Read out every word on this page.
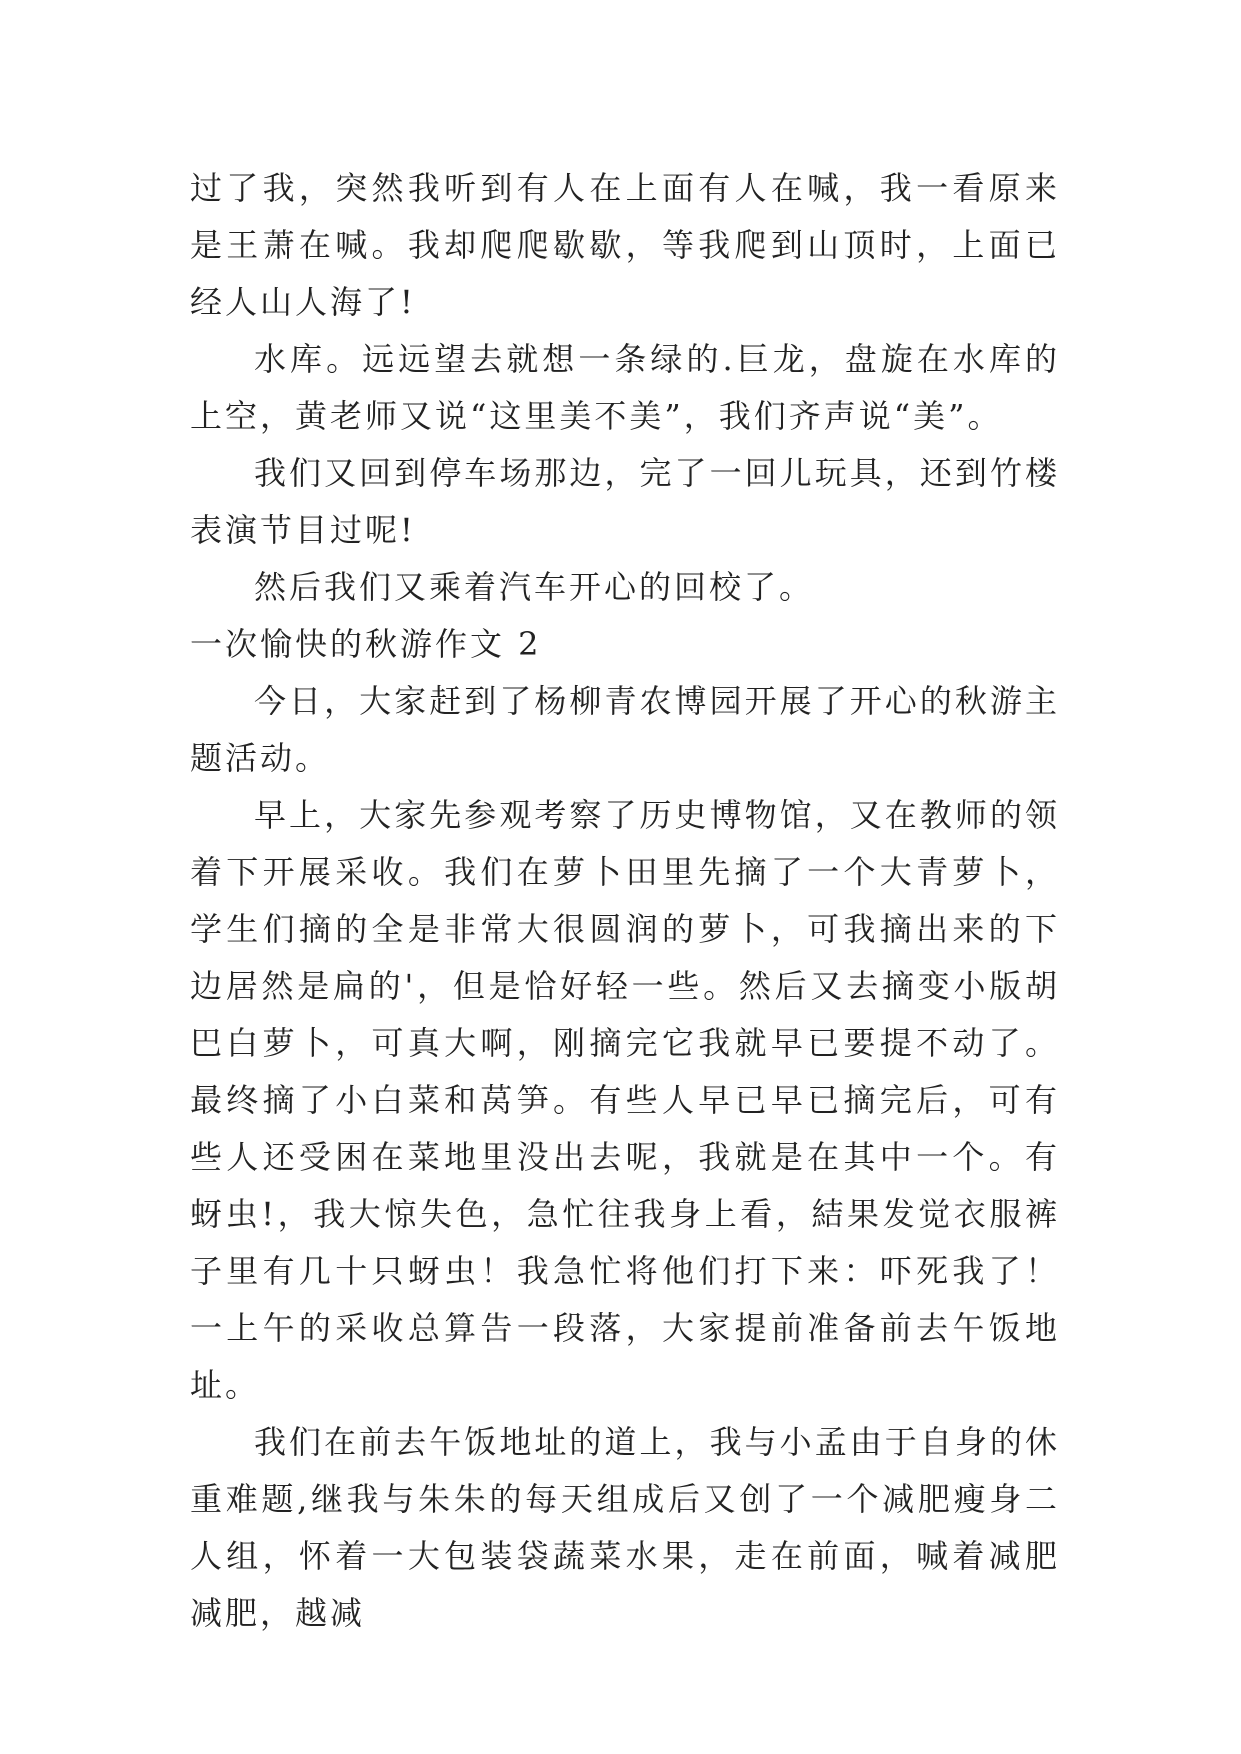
过了我，突然我听到有人在上面有人在喊，我一看原来是王萧在喊。我却爬爬歇歇，等我爬到山顶时，上面已经人山人海了!

水库。远远望去就想一条绿的.巨龙，盘旋在水库的上空，黄老师又说“这里美不美”，我们齐声说“美”。

我们又回到停车场那边，完了一回儿玩具，还到竹楼表演节目过呢!

然后我们又乘着汽车开心的回校了。

一次愉快的秋游作文 2

今日，大家赶到了杨柳青农博园开展了开心的秋游主题活动。

早上，大家先参观考察了历史博物馆，又在教师的领着下开展采收。我们在萝卜田里先摘了一个大青萝卜，学生们摘的全是非常大很圆润的萝卜，可我摘出来的下边居然是扁的'，但是恰好轻一些。然后又去摘变小版胡巴白萝卜，可真大啊，刚摘完它我就早已要提不动了。最终摘了小白菜和莴笋。有些人早已早已摘完后，可有些人还受困在菜地里没出去呢，我就是在其中一个。有蚜虫!，我大惊失色，急忙往我身上看，結果发觉衣服裤子里有几十只蚜虫！我急忙将他们打下来：吓死我了！一上午的采收总算告一段落，大家提前准备前去午饭地址。

我们在前去午饭地址的道上，我与小孟由于自身的休重难题,继我与朱朱的每天组成后又创了一个减肥瘦身二人组，怀着一大包装袋蔬菜水果，走在前面，喊着减肥减肥，越减
